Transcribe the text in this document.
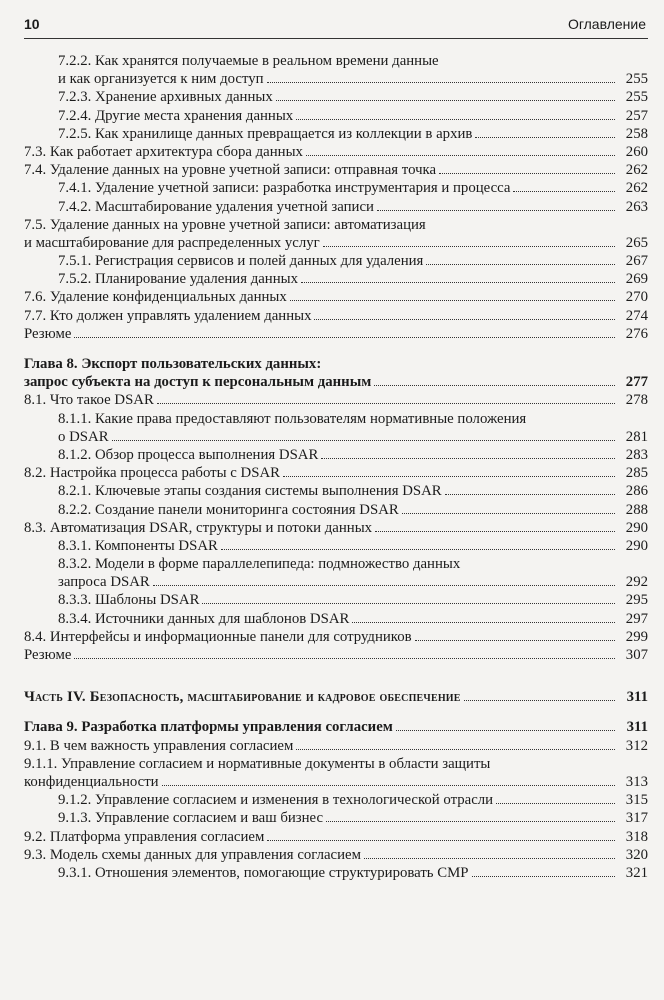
10	Оглавление
7.2.2. Как хранятся получаемые в реальном времени данные
и как организуется к ним доступ	255
7.2.3. Хранение архивных данных	255
7.2.4. Другие места хранения данных	257
7.2.5. Как хранилище данных превращается из коллекции в архив	258
7.3. Как работает архитектура сбора данных	260
7.4. Удаление данных на уровне учетной записи: отправная точка	262
7.4.1. Удаление учетной записи: разработка инструментария и процесса	262
7.4.2. Масштабирование удаления учетной записи	263
7.5. Удаление данных на уровне учетной записи: автоматизация
и масштабирование для распределенных услуг	265
7.5.1. Регистрация сервисов и полей данных для удаления	267
7.5.2. Планирование удаления данных	269
7.6. Удаление конфиденциальных данных	270
7.7. Кто должен управлять удалением данных	274
Резюме	276
Глава 8. Экспорт пользовательских данных:
запрос субъекта на доступ к персональным данным	277
8.1. Что такое DSAR	278
8.1.1. Какие права предоставляют пользователям нормативные положения
о DSAR	281
8.1.2. Обзор процесса выполнения DSAR	283
8.2. Настройка процесса работы с DSAR	285
8.2.1. Ключевые этапы создания системы выполнения DSAR	286
8.2.2. Создание панели мониторинга состояния DSAR	288
8.3. Автоматизация DSAR, структуры и потоки данных	290
8.3.1. Компоненты DSAR	290
8.3.2. Модели в форме параллелепипеда: подмножество данных
запроса DSAR	292
8.3.3. Шаблоны DSAR	295
8.3.4. Источники данных для шаблонов DSAR	297
8.4. Интерфейсы и информационные панели для сотрудников	299
Резюме	307
Часть IV. Безопасность, масштабирование и кадровое обеспечение	311
Глава 9. Разработка платформы управления согласием	311
9.1. В чем важность управления согласием	312
9.1.1. Управление согласием и нормативные документы в области защиты
конфиденциальности	313
9.1.2. Управление согласием и изменения в технологической отрасли	315
9.1.3. Управление согласием и ваш бизнес	317
9.2. Платформа управления согласием	318
9.3. Модель схемы данных для управления согласием	320
9.3.1. Отношения элементов, помогающие структурировать CMP	321
